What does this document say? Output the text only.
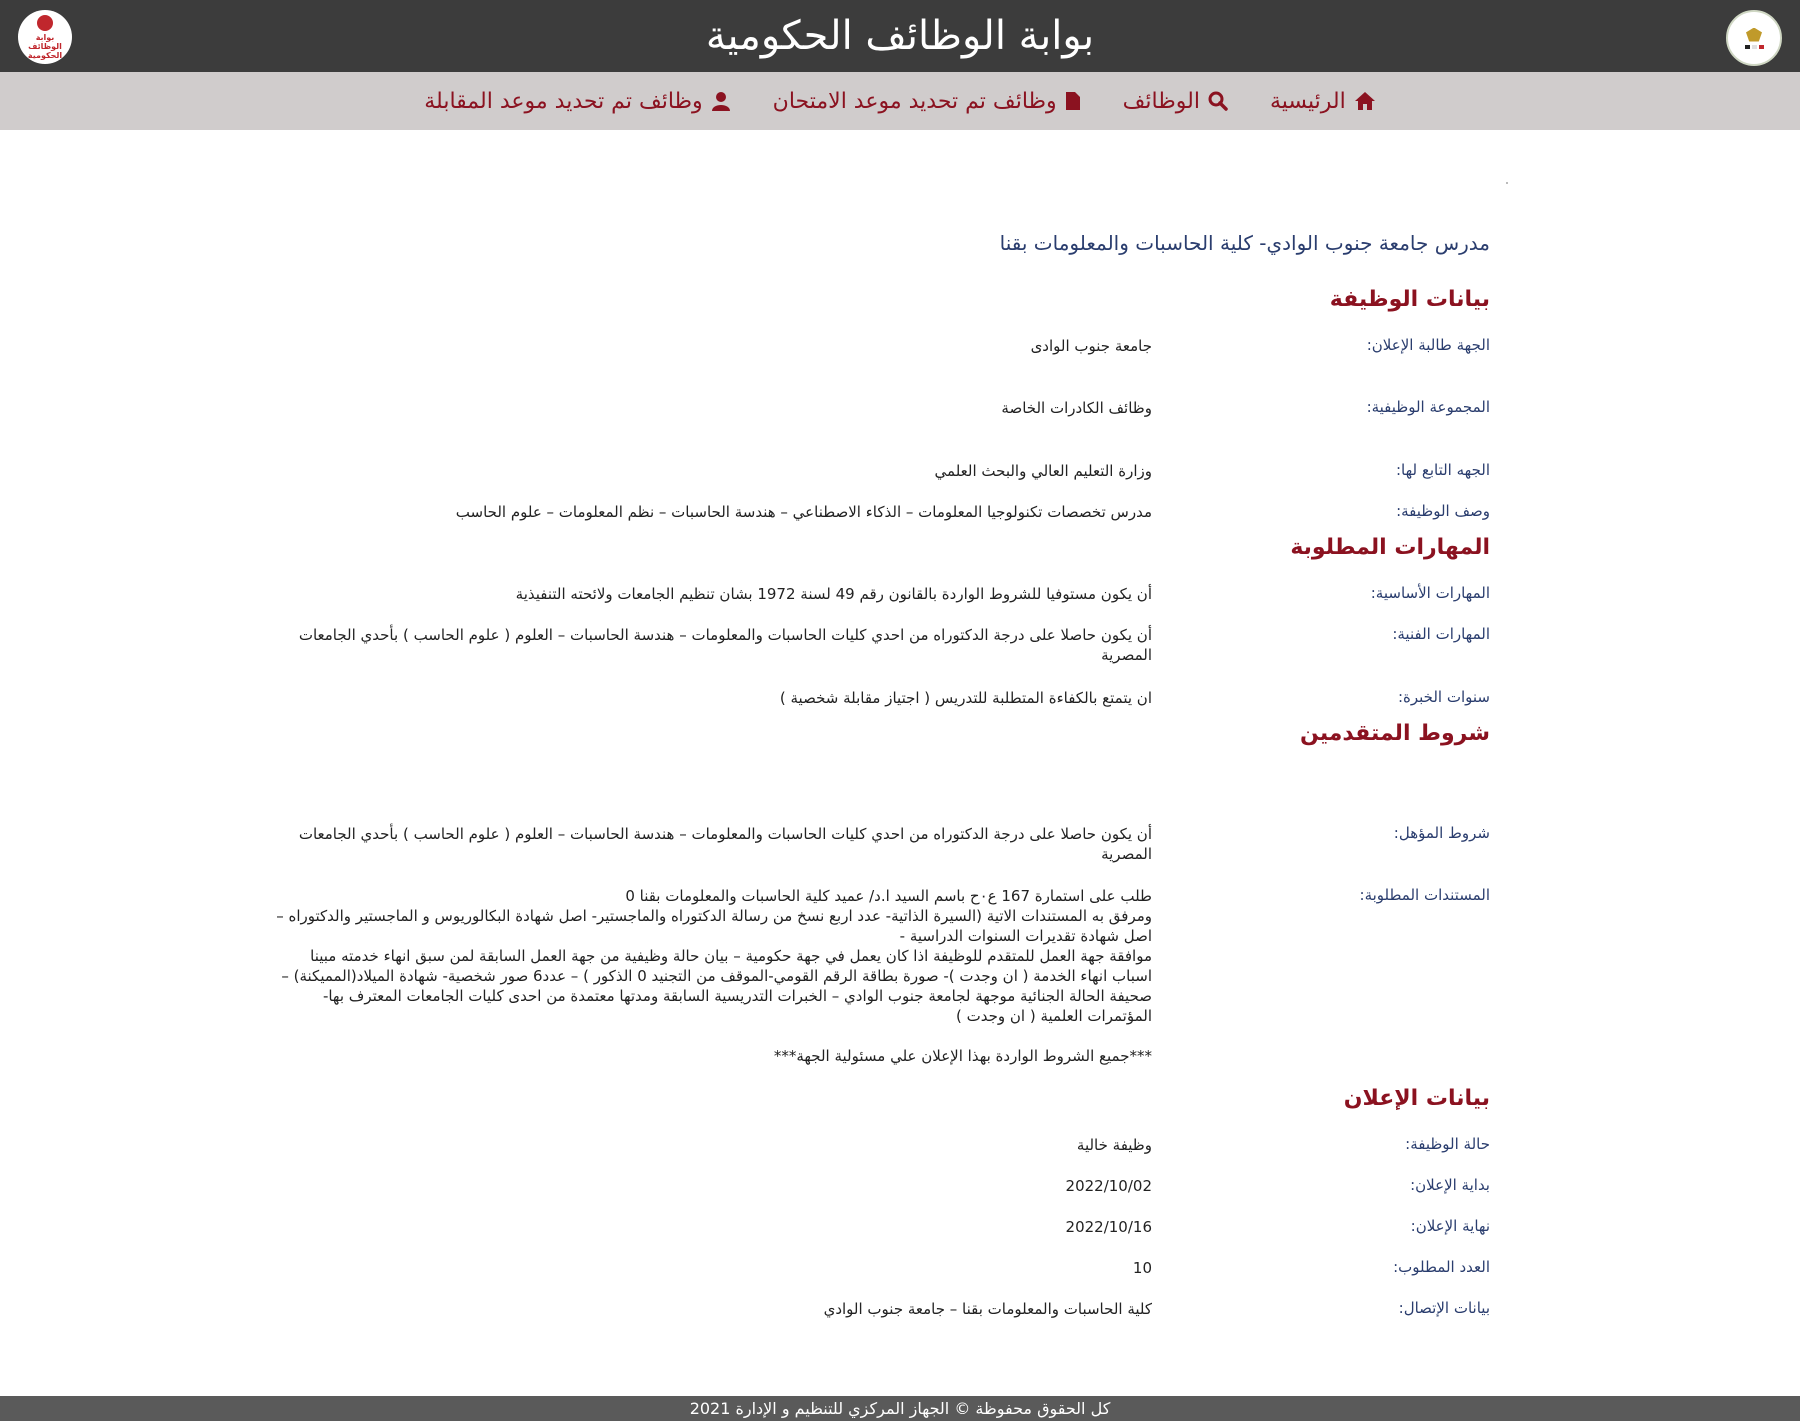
بوابة الوظائف الحكومية
بوابة الوظائف الحكومية
الرئيسية
الوظائف
وظائف تم تحديد موعد الامتحان
وظائف تم تحديد موعد المقابلة
مدرس جامعة جنوب الوادي- كلية الحاسبات والمعلومات بقنا
بيانات الوظيفة
الجهة طالبة الإعلان:
جامعة جنوب الوادى
المجموعة الوظيفية:
وظائف الكادرات الخاصة
الجهه التابع لها:
وزارة التعليم العالي والبحث العلمي
وصف الوظيفة:
مدرس تخصصات تكنولوجيا المعلومات – الذكاء الاصطناعي – هندسة الحاسبات – نظم المعلومات – علوم الحاسب
المهارات المطلوبة
المهارات الأساسية:
أن يكون مستوفيا للشروط الواردة بالقانون رقم 49 لسنة 1972 بشان تنظيم الجامعات ولائحته التنفيذية
المهارات الفنية:
أن يكون حاصلا على درجة الدكتوراه من احدي كليات الحاسبات والمعلومات – هندسة الحاسبات – العلوم ( علوم الحاسب ) بأحدي الجامعات المصرية
سنوات الخبرة:
ان يتمتع بالكفاءة المتطلبة للتدريس ( اجتياز مقابلة شخصية )
شروط المتقدمين
شروط المؤهل:
أن يكون حاصلا على درجة الدكتوراه من احدي كليات الحاسبات والمعلومات – هندسة الحاسبات – العلوم ( علوم الحاسب ) بأحدي الجامعات المصرية
المستندات المطلوبة:
طلب على استمارة 167 ع٠ح باسم السيد ا.د/ عميد كلية الحاسبات والمعلومات بقنا 0
ومرفق به المستندات الاتية (السيرة الذاتية- عدد اربع نسخ من رسالة الدكتوراه والماجستير- اصل شهادة البكالوريوس و الماجستير والدكتوراه – اصل شهادة تقديرات السنوات الدراسية -
موافقة جهة العمل للمتقدم للوظيفة اذا كان يعمل في جهة حكومية – بيان حالة وظيفية من جهة العمل السابقة لمن سبق انهاء خدمته مبينا اسباب انهاء الخدمة ( ان وجدت )- صورة بطاقة الرقم القومي-الموقف من التجنيد 0 الذكور ) – عدد6 صور شخصية- شهادة الميلاد(المميكنة) – صحيفة الحالة الجنائية موجهة لجامعة جنوب الوادي – الخبرات التدريسية السابقة ومدتها معتمدة من احدى كليات الجامعات المعترف بها- المؤتمرات العلمية ( ان وجدت )

***جميع الشروط الواردة بهذا الإعلان علي مسئولية الجهة***
بيانات الإعلان
حالة الوظيفة:
وظيفة خالية
بداية الإعلان:
2022/10/02
نهاية الإعلان:
2022/10/16
العدد المطلوب:
10
بيانات الإتصال:
كلية الحاسبات والمعلومات بقنا – جامعة جنوب الوادي
كل الحقوق محفوظة © الجهاز المركزي للتنظيم و الإدارة 2021
